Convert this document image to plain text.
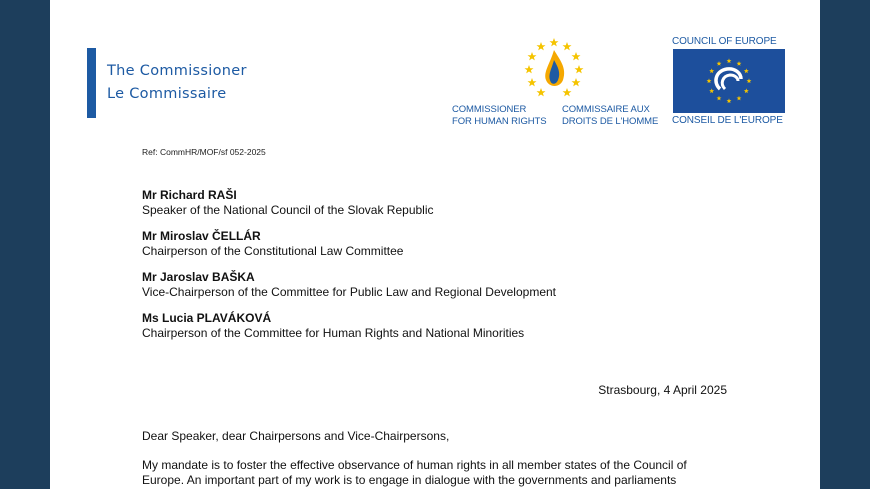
The Commissioner
Le Commissaire
COMMISSIONER
FOR HUMAN RIGHTS
COMMISSAIRE AUX
DROITS DE L'HOMME
COUNCIL OF EUROPE
CONSEIL DE L'EUROPE
Ref: CommHR/MOF/sf 052-2025
Mr Richard RAŠI
Speaker of the National Council of the Slovak Republic
Mr Miroslav ČELLÁR
Chairperson of the Constitutional Law Committee
Mr Jaroslav BAŠKA
Vice-Chairperson of the Committee for Public Law and Regional Development
Ms Lucia PLAVÁKOVÁ
Chairperson of the Committee for Human Rights and National Minorities
Strasbourg, 4 April 2025
Dear Speaker, dear Chairpersons and Vice-Chairpersons,
My mandate is to foster the effective observance of human rights in all member states of the Council of
Europe. An important part of my work is to engage in dialogue with the governments and parliaments
